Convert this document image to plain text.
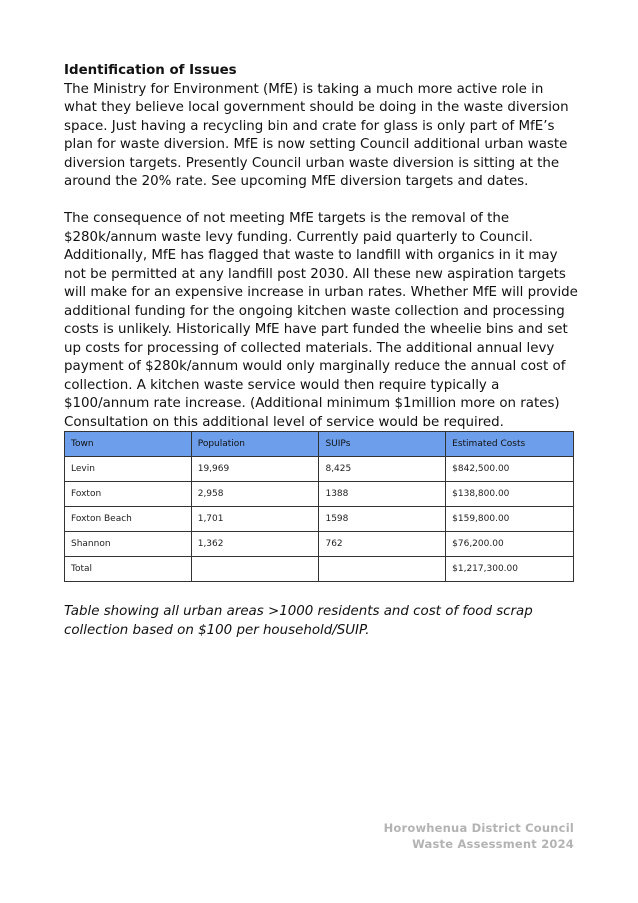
Identification of Issues

The Ministry for Environment (MfE) is taking a much more active role in what they believe local government should be doing in the waste diversion space. Just having a recycling bin and crate for glass is only part of MfE’s plan for waste diversion. MfE is now setting Council additional urban waste diversion targets. Presently Council urban waste diversion is sitting at the around the 20% rate. See upcoming MfE diversion targets and dates.

The consequence of not meeting MfE targets is the removal of the $280k/annum waste levy funding. Currently paid quarterly to Council. Additionally, MfE has flagged that waste to landfill with organics in it may not be permitted at any landfill post 2030. All these new aspiration targets will make for an expensive increase in urban rates. Whether MfE will provide additional funding for the ongoing kitchen waste collection and processing costs is unlikely. Historically MfE have part funded the wheelie bins and set up costs for processing of collected materials. The additional annual levy payment of $280k/annum would only marginally reduce the annual cost of collection. A kitchen waste service would then require typically a $100/annum rate increase. (Additional minimum $1million more on rates) Consultation on this additional level of service would be required.

Town	Population	SUIPs	Estimated Costs
Levin	19,969	8,425	$842,500.00
Foxton	2,958	1388	$138,800.00
Foxton Beach	1,701	1598	$159,800.00
Shannon	1,362	762	$76,200.00
Total			$1,217,300.00

Table showing all urban areas >1000 residents and cost of food scrap collection based on $100 per household/SUIP.

Horowhenua District Council
Waste Assessment 2024
